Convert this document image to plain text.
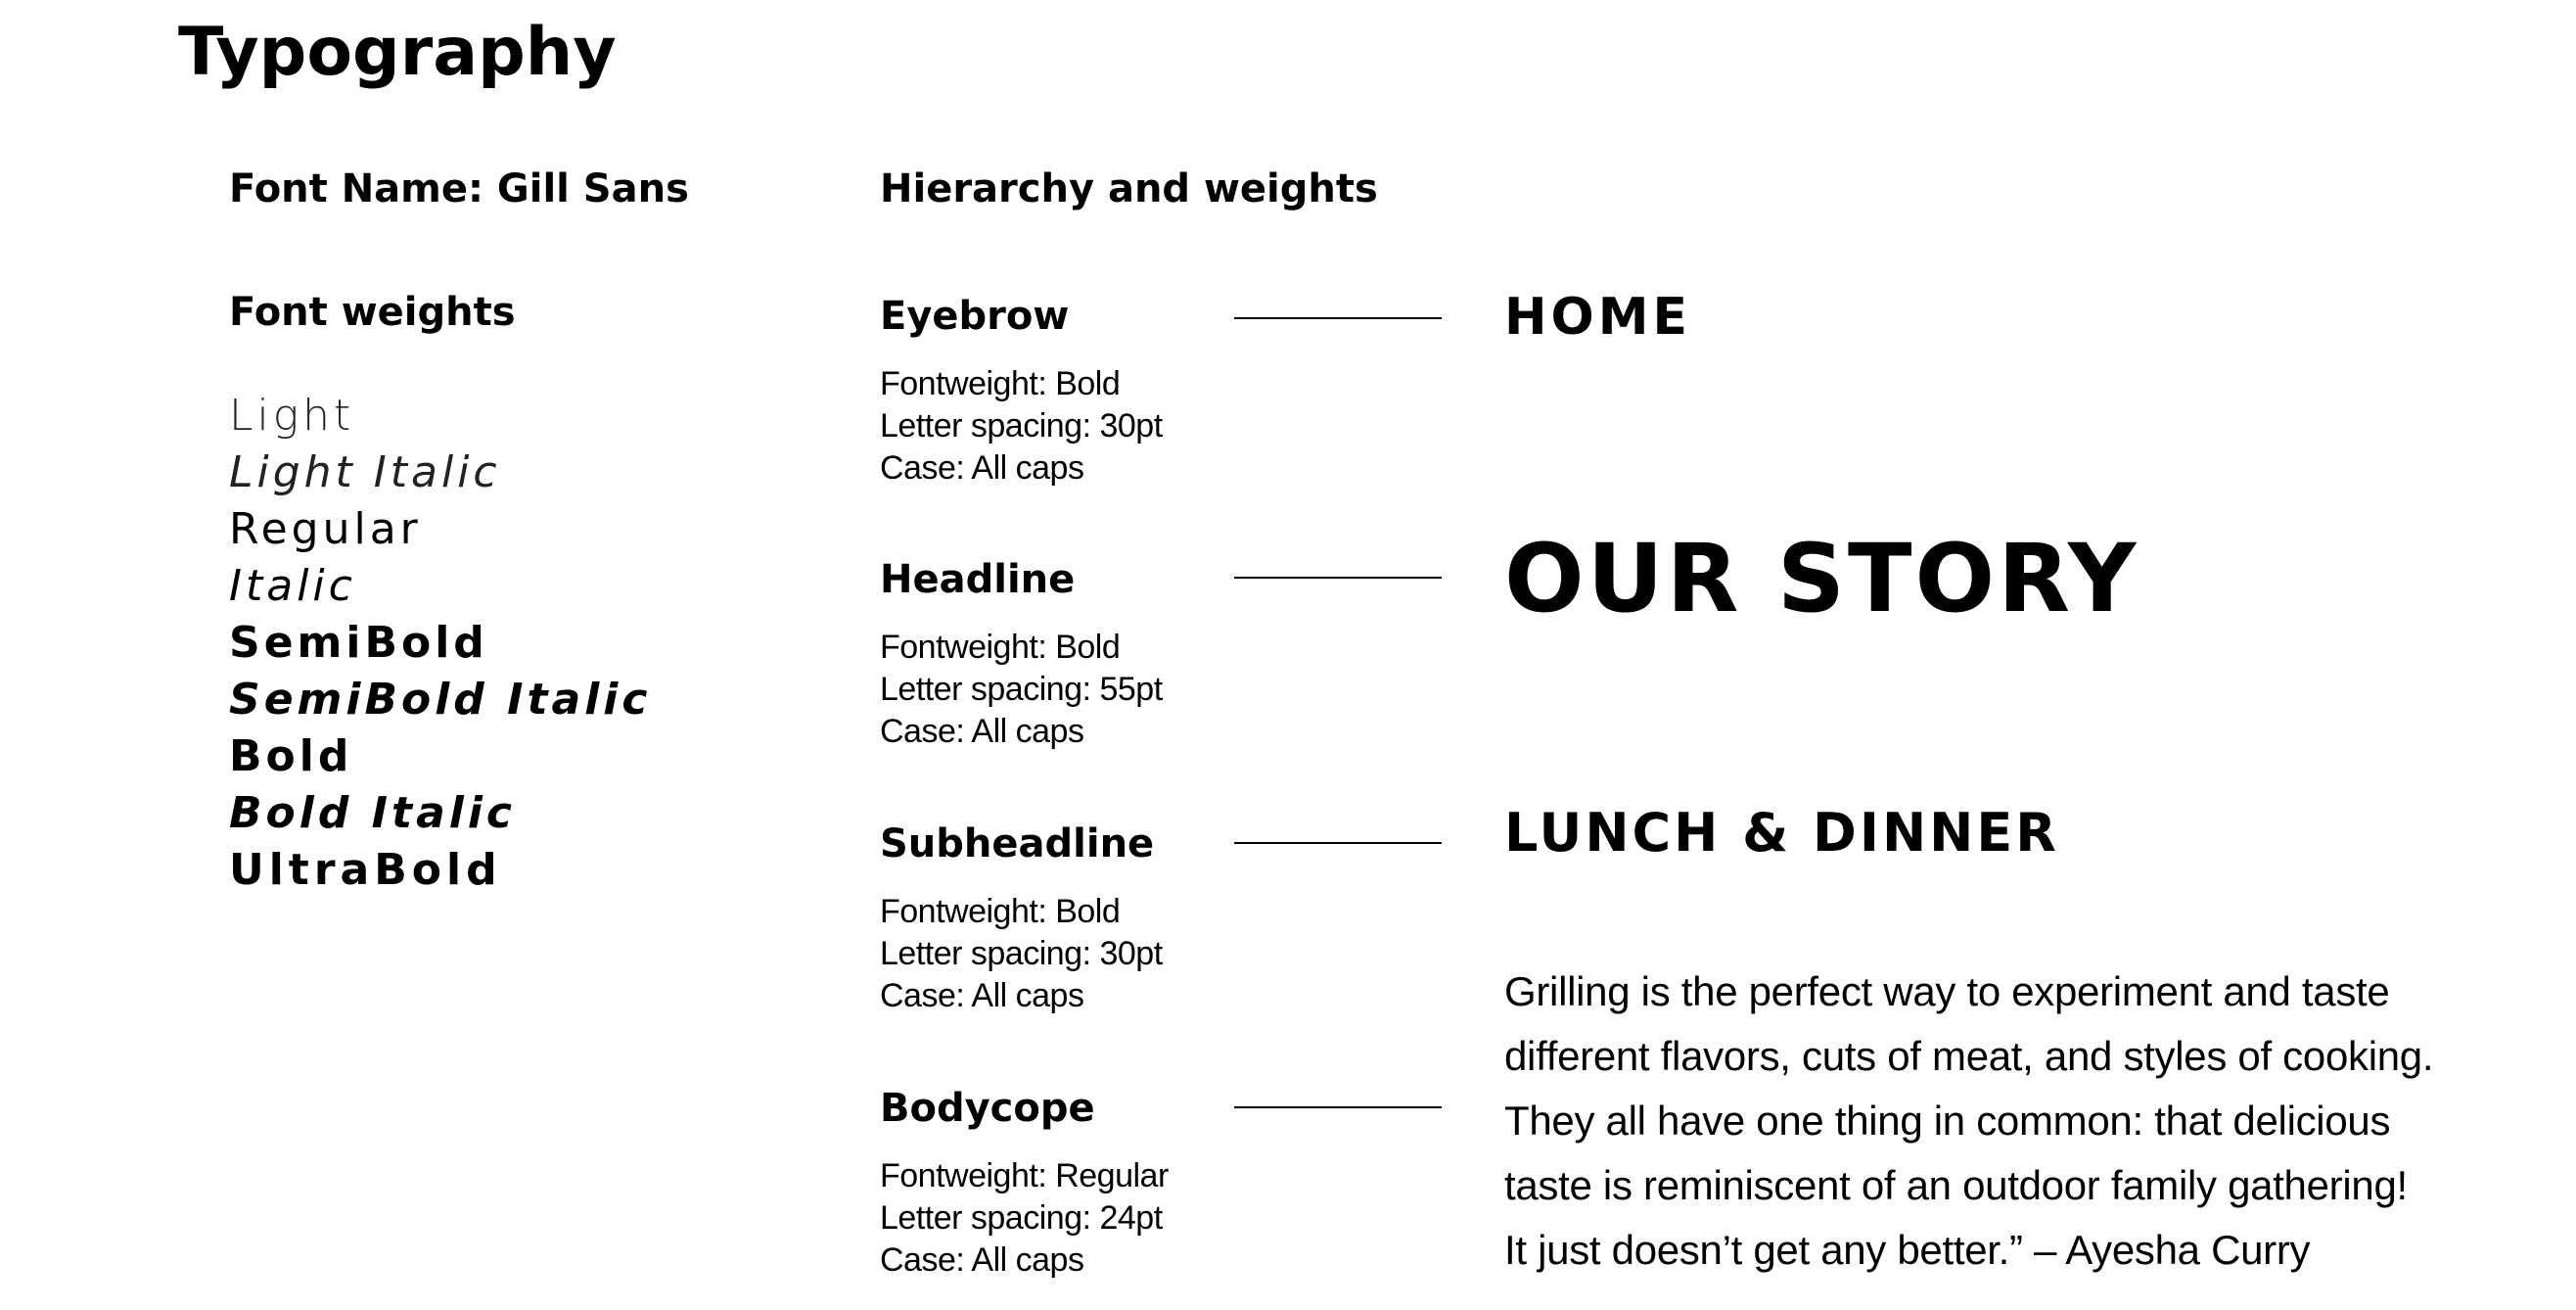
Typography
Font Name: Gill Sans
Font weights
Light
Light Italic
Regular
Italic
SemiBold
SemiBold Italic
Bold
Bold Italic
UltraBold
Hierarchy and weights
Eyebrow
Fontweight: Bold
Letter spacing: 30pt
Case: All caps
Headline
Fontweight: Bold
Letter spacing: 55pt
Case: All caps
Subheadline
Fontweight: Bold
Letter spacing: 30pt
Case: All caps
Bodycope
Fontweight: Regular
Letter spacing: 24pt
Case: All caps
HOME
OUR STORY
LUNCH & DINNER

Grilling is the perfect way to experiment and taste
different flavors, cuts of meat, and styles of cooking.
They all have one thing in common: that delicious
taste is reminiscent of an outdoor family gathering!
It just doesn’t get any better.” – Ayesha Curry
